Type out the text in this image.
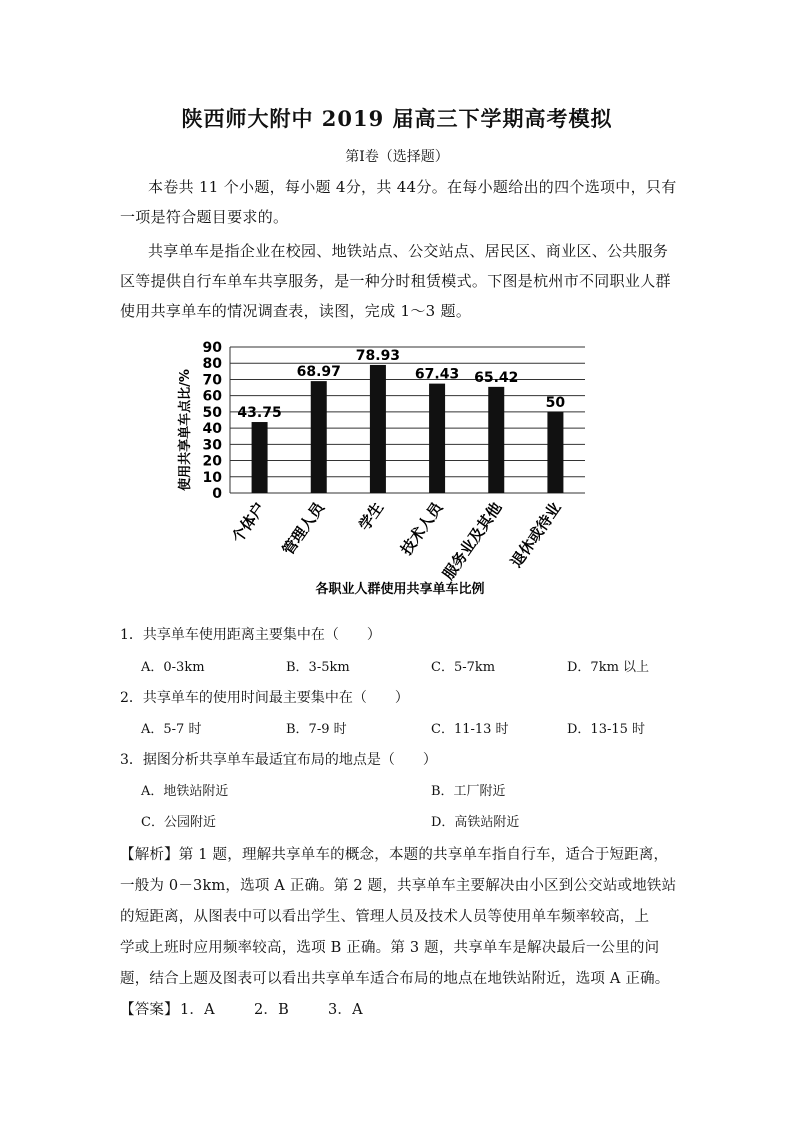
陕西师大附中 2019 届高三下学期高考模拟
第Ⅰ卷（选择题）
本卷共 11 个小题，每小题 4分，共 44分。在每小题给出的四个选项中，只有
一项是符合题目要求的。
共享单车是指企业在校园、地铁站点、公交站点、居民区、商业区、公共服务
区等提供自行车单车共享服务，是一种分时租赁模式。下图是杭州市不同职业人群
使用共享单车的情况调查表，读图，完成 1～3 题。
0
10
20
30
40
50
60
70
80
90
43.75
68.97
78.93
67.43 65.42
50
个体户 管理人员 学生 技术人员
服务业及其他 退休或待业
使用共享单车点比/%
各职业人群使用共享单车比例
1．共享单车使用距离主要集中在（　　）
A．0-3km	B．3-5km	C．5-7km	D．7km 以上
2．共享单车的使用时间最主要集中在（　　）
A．5-7 时	B．7-9 时	C．11-13 时	D．13-15 时
3．据图分析共享单车最适宜布局的地点是（　　）
A．地铁站附近	B．工厂附近
C．公园附近	D．高铁站附近
【解析】第 1 题，理解共享单车的概念，本题的共享单车指自行车，适合于短距离，
一般为 0－3km，选项 A 正确。第 2 题，共享单车主要解决由小区到公交站或地铁站
的短距离，从图表中可以看出学生、管理人员及技术人员等使用单车频率较高，上
学或上班时应用频率较高，选项 B 正确。第 3 题，共享单车是解决最后一公里的问
题，结合上题及图表可以看出共享单车适合布局的地点在地铁站附近，选项 A 正确。
【答案】 1．A	2．B	3．A
